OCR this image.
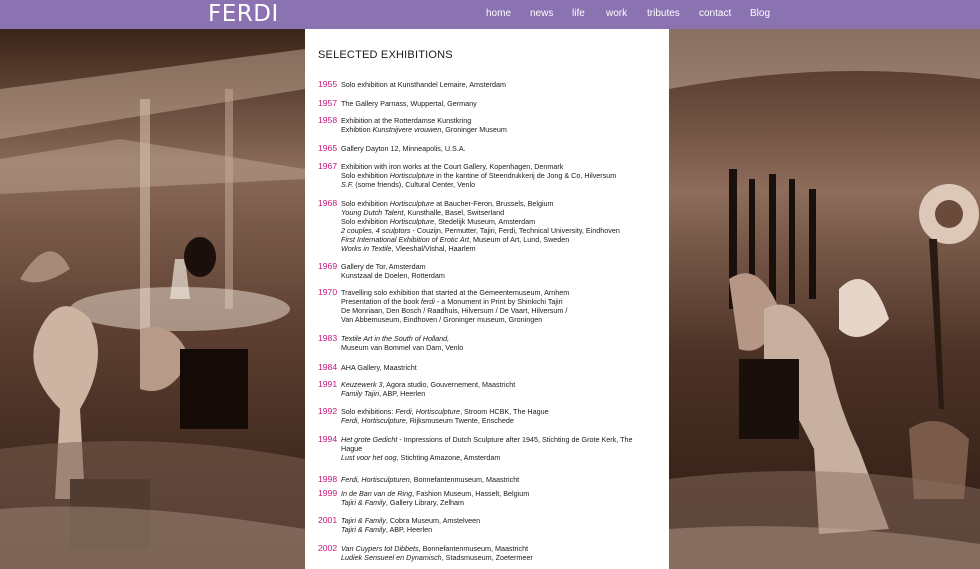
FERDI	home news life work tributes contact Blog
SELECTED EXHIBITIONS
1955 Solo exhibition at Kunsthandel Lemaire, Amsterdam
1957 The Gallery Parnass, Wuppertal, Germany
1958 Exhibition at the Rotterdamse Kunstkring
Exhibtion Kunstnijvere vrouwen, Groninger Museum
1965 Gallery Dayton 12, Minneapolis, U.S.A.
1967 Exhibition with iron works at the Court Gallery, Kopenhagen, Denmark
Solo exhibition Hortisculpture in the kantine of Steendrukkerij de Jong & Co, Hilversum
S.F. (some friends), Cultural Center, Venlo
1968 Solo exhibition Hortisculpture at Baucher-Feron, Brussels, Belgium
Young Dutch Talent, Kunsthalle, Basel, Switserland
Solo exhibition Hortisculpture, Stedelijk Museum, Amsterdam
2 couples, 4 sculptors - Couzijn, Permutter, Tajiri, Ferdi, Technical University, Eindhoven
First International Exhibition of Erotic Art, Museum of Art, Lund, Sweden
Works in Textile, Vleeshal/Vishal, Haarlem
1969 Gallery de Tor, Amsterdam
Kunstzaal de Doelen, Rotterdam
1970 Travelling solo exhibition that started at the Gemeentemuseum, Arnhem
Presentation of the book ferdi - a Monument in Print by Shinkichi Tajiri
De Monriaan, Den Bosch / Raadhuis, Hilversum / De Vaart, Hilversum /
Van Abbemuseum, Eindhoven / Groninger museum, Groningen
1983 Textile Art in the South of Holland,
Museum van Bommel van Dam, Venlo
1984 AHA Gallery, Maastricht
1991 Keuzewerk 3, Agora studio, Gouvernement, Maastricht
Family Tajiri, ABP, Heerlen
1992 Solo exhibitions: Ferdi, Hortisculpture, Stroom HCBK, The Hague
Ferdi, Hortisculpture, Rijksmuseum Twente, Enschede
1994 Het grote Gedicht - Impressions of Dutch Sculpture after 1945, Stichting de Grote Kerk, The
Hague
Lust voor het oog, Stichting Amazone, Amsterdam
1998 Ferdi, Hortisculpturen, Bonnefantenmuseum, Maastricht
1999 In de Ban van de Ring, Fashion Museum, Hasselt, Belgium
Tajiri & Family, Gallery Library, Zelham
2001 Tajiri & Family, Cobra Museum, Amstelveen
Tajiri & Family, ABP, Heerlen
2002 Van Cuypers tot Dibbets, Bonnefantenmuseum, Maastricht
Ludiek Sensueel en Dynamisch, Stadsmuseum, Zoetermeer
